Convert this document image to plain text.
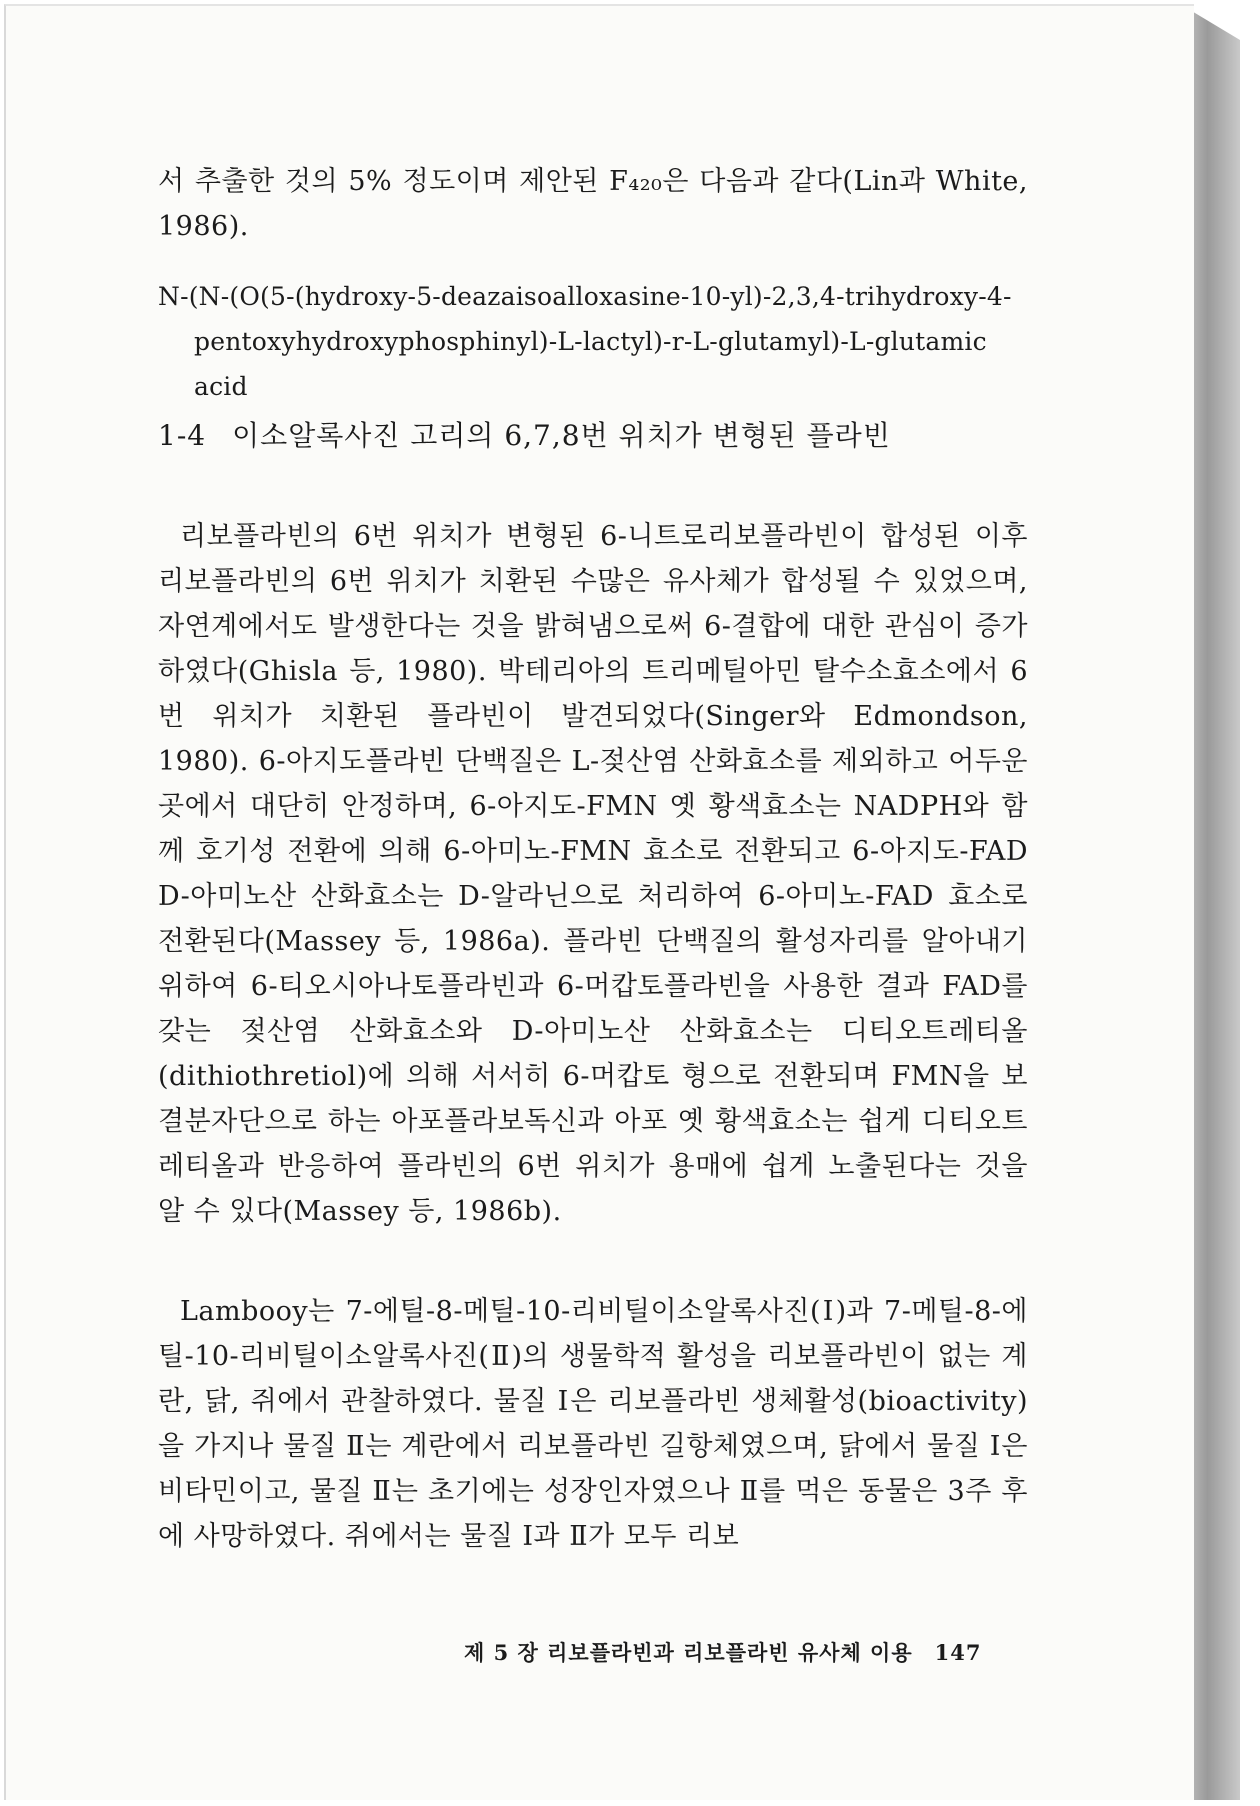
서 추출한 것의 5% 정도이며 제안된 F₄₂₀은 다음과 같다(Lin과 White, 1986).

N-(N-(O(5-(hydroxy-5-deazaisoalloxasine-10-yl)-2,3,4-trihydroxy-4-
pentoxyhydroxyphosphinyl)-L-lactyl)-r-L-glutamyl)-L-glutamic acid
1-4 이소알록사진 고리의 6,7,8번 위치가 변형된 플라빈

리보플라빈의 6번 위치가 변형된 6-니트로리보플라빈이 합성된 이후 리보플라빈의 6번 위치가 치환된 수많은 유사체가 합성될 수 있었으며, 자연계에서도 발생한다는 것을 밝혀냄으로써 6-결합에 대한 관심이 증가하였다(Ghisla 등, 1980). 박테리아의 트리메틸아민 탈수소효소에서 6번 위치가 치환된 플라빈이 발견되었다(Singer와 Edmondson, 1980). 6-아지도플라빈 단백질은 L-젖산염 산화효소를 제외하고 어두운 곳에서 대단히 안정하며, 6-아지도-FMN 옛 황색효소는 NADPH와 함께 호기성 전환에 의해 6-아미노-FMN 효소로 전환되고 6-아지도-FAD D-아미노산 산화효소는 D-알라닌으로 처리하여 6-아미노-FAD 효소로 전환된다(Massey 등, 1986a). 플라빈 단백질의 활성자리를 알아내기 위하여 6-티오시아나토플라빈과 6-머캅토플라빈을 사용한 결과 FAD를 갖는 젖산염 산화효소와 D-아미노산 산화효소는 디티오트레티올(dithiothretiol)에 의해 서서히 6-머캅토 형으로 전환되며 FMN을 보결분자단으로 하는 아포플라보독신과 아포 옛 황색효소는 쉽게 디티오트레티올과 반응하여 플라빈의 6번 위치가 용매에 쉽게 노출된다는 것을 알 수 있다(Massey 등, 1986b).

Lambooy는 7-에틸-8-메틸-10-리비틸이소알록사진(Ⅰ)과 7-메틸-8-에틸-10-리비틸이소알록사진(Ⅱ)의 생물학적 활성을 리보플라빈이 없는 계란, 닭, 쥐에서 관찰하였다. 물질 Ⅰ은 리보플라빈 생체활성(bioactivity)을 가지나 물질 Ⅱ는 계란에서 리보플라빈 길항체였으며, 닭에서 물질 Ⅰ은 비타민이고, 물질 Ⅱ는 초기에는 성장인자였으나 Ⅱ를 먹은 동물은 3주 후에 사망하였다. 쥐에서는 물질 Ⅰ과 Ⅱ가 모두 리보

제 5 장 리보플라빈과 리보플라빈 유사체 이용 147
